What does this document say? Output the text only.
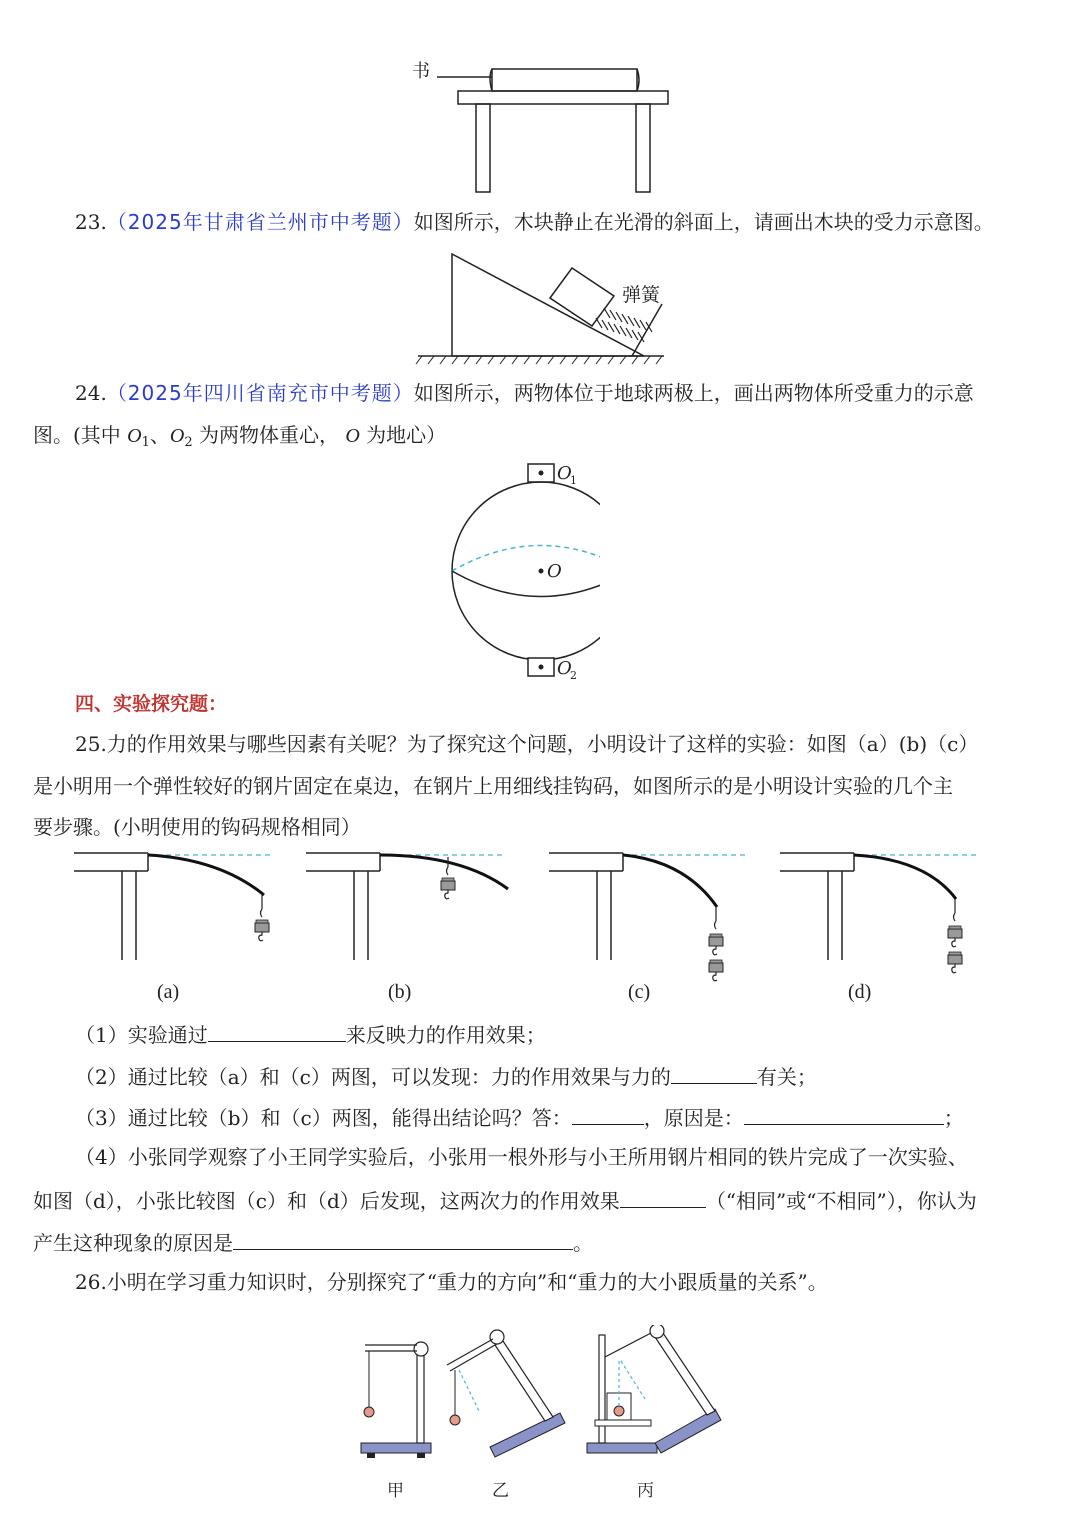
书
23.（2025年甘肃省兰州市中考题）如图所示，木块静止在光滑的斜面上，请画出木块的受力示意图。
弹簧
24.（2025年四川省南充市中考题）如图所示，两物体位于地球两极上，画出两物体所受重力的示意
图。(其中 $O_1$、$O_2$ 为两物体重心， O 为地心）
O
1
O
O
2
四、实验探究题：
25.力的作用效果与哪些因素有关呢？为了探究这个问题，小明设计了这样的实验：如图（a）(b)（c）
是小明用一个弹性较好的钢片固定在桌边，在钢片上用细线挂钩码，如图所示的是小明设计实验的几个主
要步骤。(小明使用的钩码规格相同）
(a)	(b)	(c)	(d)
（1）实验通过	来反映力的作用效果；
（2）通过比较（a）和（c）两图，可以发现：力的作用效果与力的	有关；
（3）通过比较（b）和（c）两图，能得出结论吗？答：	，原因是：	；
（4）小张同学观察了小王同学实验后，小张用一根外形与小王所用钢片相同的铁片完成了一次实验、
如图（d），小张比较图（c）和（d）后发现，这两次力的作用效果	（“相同”或“不相同”），你认为
产生这种现象的原因是	。
26.小明在学习重力知识时，分别探究了“重力的方向”和“重力的大小跟质量的关系”。
甲	乙	丙
